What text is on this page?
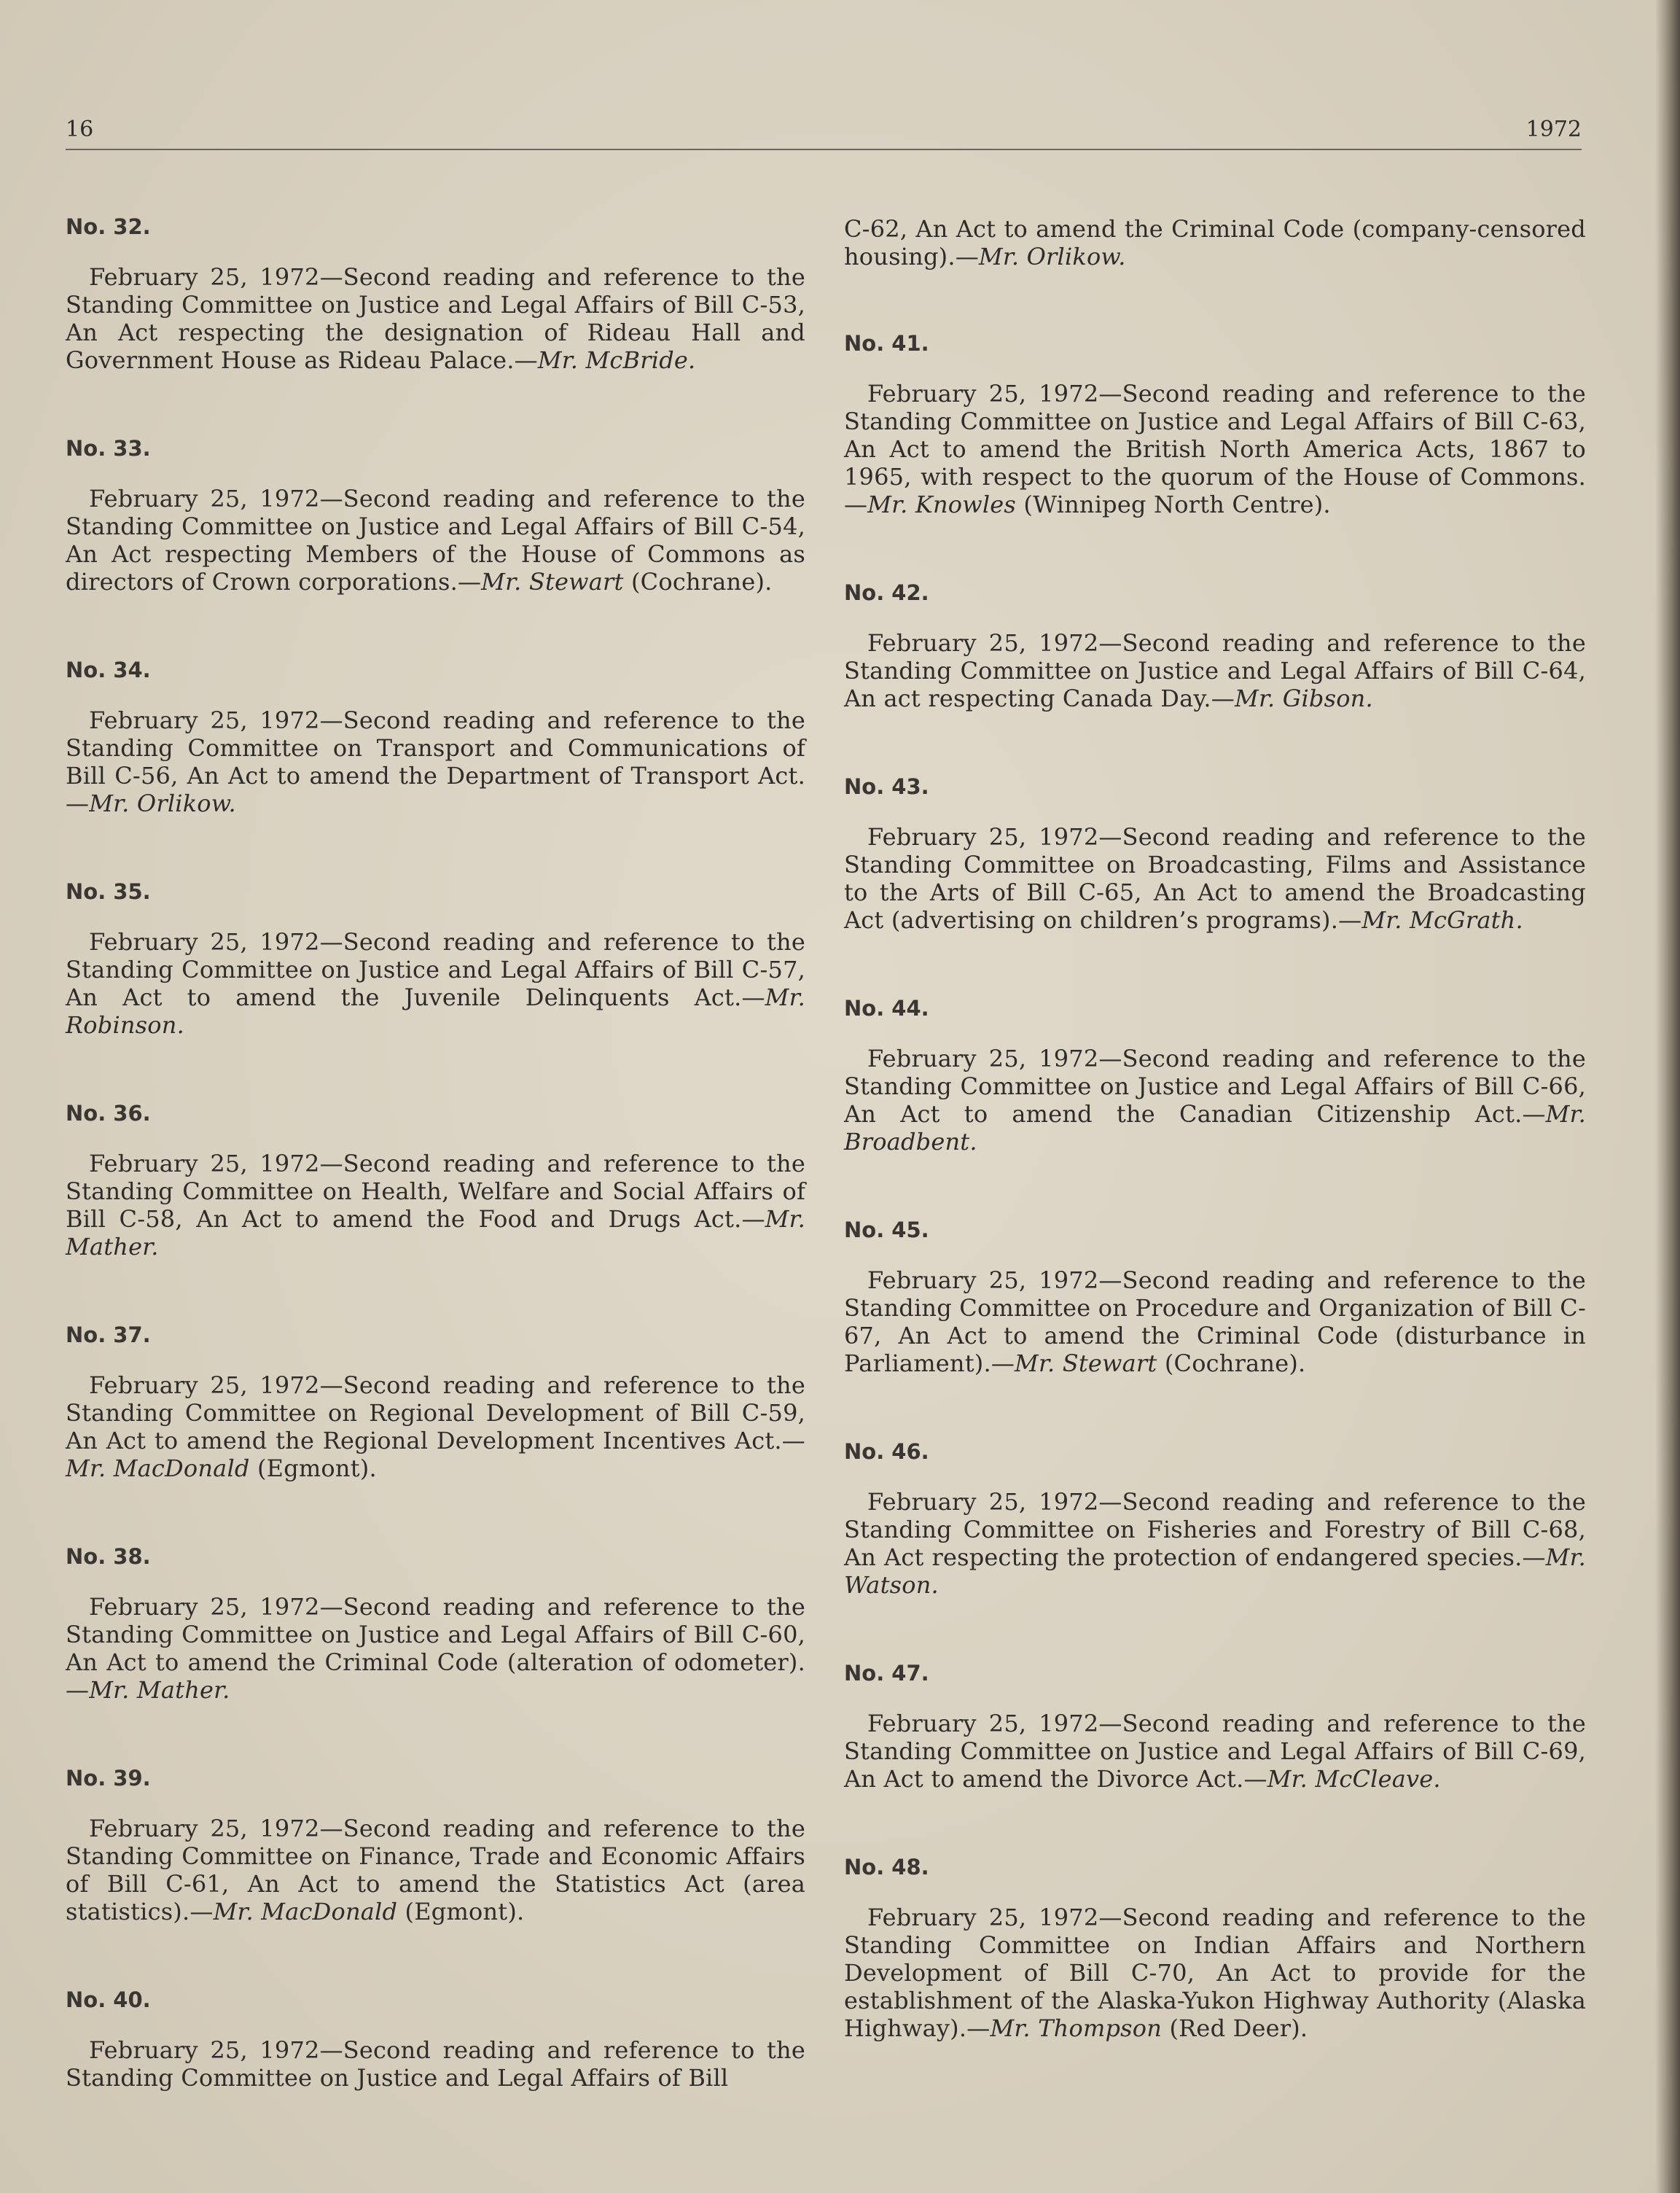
16	1972
No. 32.

February 25, 1972—Second reading and reference to the Standing Committee on Justice and Legal Affairs of Bill C-53, An Act respecting the designation of Rideau Hall and Government House as Rideau Palace.—Mr. McBride.

No. 33.

February 25, 1972—Second reading and reference to the Standing Committee on Justice and Legal Affairs of Bill C-54, An Act respecting Members of the House of Commons as directors of Crown corporations.—Mr. Stewart (Cochrane).

No. 34.

February 25, 1972—Second reading and reference to the Standing Committee on Transport and Communications of Bill C-56, An Act to amend the Department of Transport Act.—Mr. Orlikow.

No. 35.

February 25, 1972—Second reading and reference to the Standing Committee on Justice and Legal Affairs of Bill C-57, An Act to amend the Juvenile Delinquents Act.—Mr. Robinson.

No. 36.

February 25, 1972—Second reading and reference to the Standing Committee on Health, Welfare and Social Affairs of Bill C-58, An Act to amend the Food and Drugs Act.—Mr. Mather.

No. 37.

February 25, 1972—Second reading and reference to the Standing Committee on Regional Development of Bill C-59, An Act to amend the Regional Development Incentives Act.—Mr. MacDonald (Egmont).

No. 38.

February 25, 1972—Second reading and reference to the Standing Committee on Justice and Legal Affairs of Bill C-60, An Act to amend the Criminal Code (alteration of odometer).—Mr. Mather.

No. 39.

February 25, 1972—Second reading and reference to the Standing Committee on Finance, Trade and Economic Affairs of Bill C-61, An Act to amend the Statistics Act (area statistics).—Mr. MacDonald (Egmont).

No. 40.

February 25, 1972—Second reading and reference to the Standing Committee on Justice and Legal Affairs of Bill

C-62, An Act to amend the Criminal Code (company-censored housing).—Mr. Orlikow.

No. 41.

February 25, 1972—Second reading and reference to the Standing Committee on Justice and Legal Affairs of Bill C-63, An Act to amend the British North America Acts, 1867 to 1965, with respect to the quorum of the House of Commons.—Mr. Knowles (Winnipeg North Centre).

No. 42.

February 25, 1972—Second reading and reference to the Standing Committee on Justice and Legal Affairs of Bill C-64, An act respecting Canada Day.—Mr. Gibson.

No. 43.

February 25, 1972—Second reading and reference to the Standing Committee on Broadcasting, Films and Assistance to the Arts of Bill C-65, An Act to amend the Broadcasting Act (advertising on children’s programs).—Mr. McGrath.

No. 44.

February 25, 1972—Second reading and reference to the Standing Committee on Justice and Legal Affairs of Bill C-66, An Act to amend the Canadian Citizenship Act.—Mr. Broadbent.

No. 45.

February 25, 1972—Second reading and reference to the Standing Committee on Procedure and Organization of Bill C-67, An Act to amend the Criminal Code (disturbance in Parliament).—Mr. Stewart (Cochrane).

No. 46.

February 25, 1972—Second reading and reference to the Standing Committee on Fisheries and Forestry of Bill C-68, An Act respecting the protection of endangered species.—Mr. Watson.

No. 47.

February 25, 1972—Second reading and reference to the Standing Committee on Justice and Legal Affairs of Bill C-69, An Act to amend the Divorce Act.—Mr. McCleave.

No. 48.

February 25, 1972—Second reading and reference to the Standing Committee on Indian Affairs and Northern Development of Bill C-70, An Act to provide for the establishment of the Alaska-Yukon Highway Authority (Alaska Highway).—Mr. Thompson (Red Deer).
